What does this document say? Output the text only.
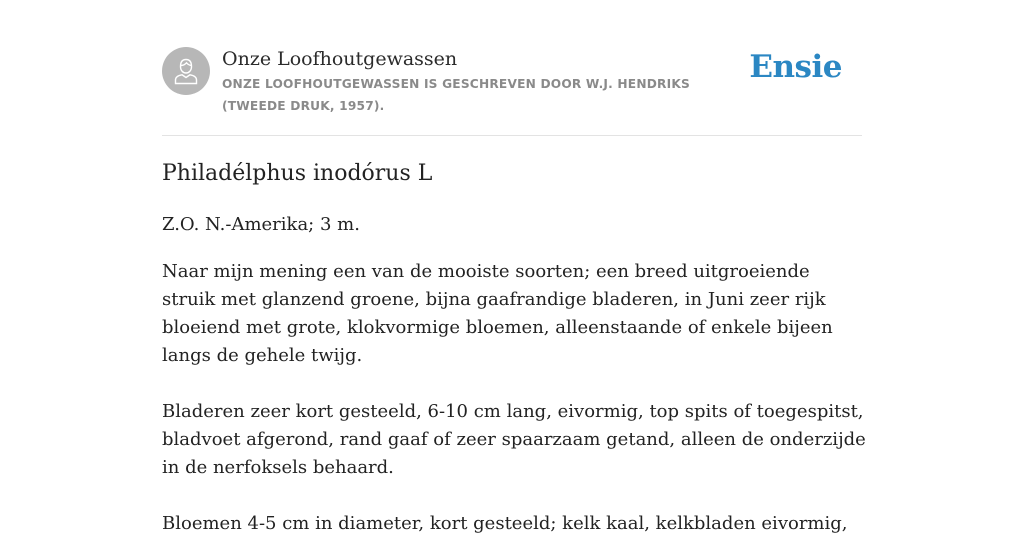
Onze Loofhoutgewassen
ONZE LOOFHOUTGEWASSEN IS GESCHREVEN DOOR W.J. HENDRIKS (TWEEDE DRUK, 1957).
Ensie
Philadélphus inodórus L

Z.O. N.-Amerika; 3 m.

Naar mijn mening een van de mooiste soorten; een breed uitgroeiende struik met glanzend groene, bijna gaafrandige bladeren, in Juni zeer rijk bloeiend met grote, klokvormige bloemen, alleenstaande of enkele bijeen langs de gehele twijg.

Bladeren zeer kort gesteeld, 6-10 cm lang, eivormig, top spits of toegespitst, bladvoet afgerond, rand gaaf of zeer spaarzaam getand, alleen de onderzijde in de nerfoksels behaard.

Bloemen 4-5 cm in diameter, kort gesteeld; kelk kaal, kelkbladen eivormig,
